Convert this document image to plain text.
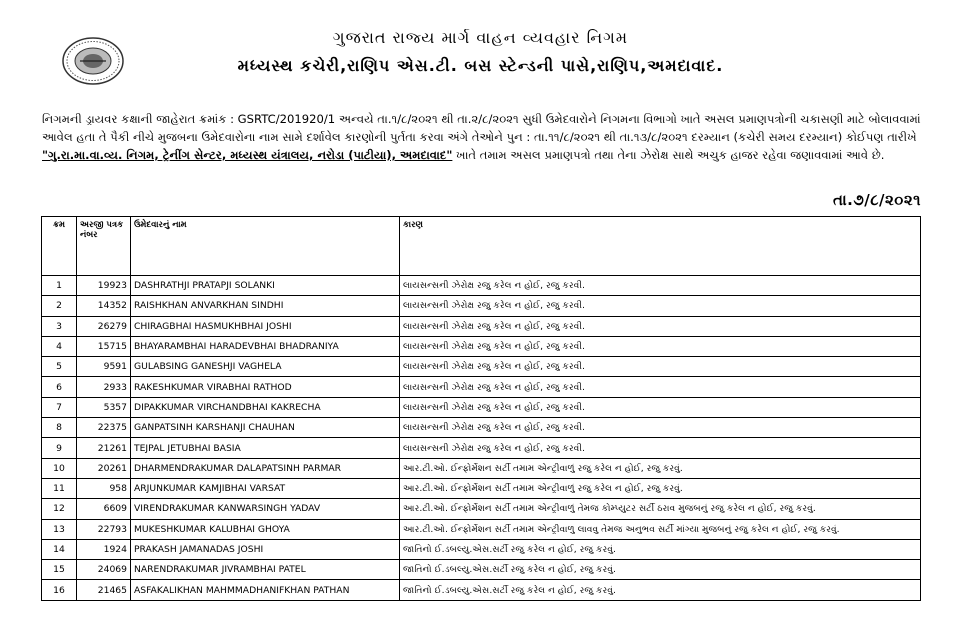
ગુજરાત રાજ્ય માર્ગ વાહન વ્યવહાર નિગમ
મધ્યસ્થ કચેરી,રાણિપ એસ.ટી. બસ સ્ટેન્ડની પાસે,રાણિપ,અમદાવાદ.
નિગમની ડ્રાયવર કક્ષાની જાહેરાત ક્રમાંક : GSRTC/201920/1 અન્વયે તા.૧/૮/૨૦૨૧ થી તા.૨/૮/૨૦૨૧ સુધી ઉમેદવારોને નિગમના વિભાગો ખાતે અસલ પ્રમાણપત્રોની ચકાસણી માટે બોલાવવામાં આવેલ હતા તે પૈકી નીચે મુજબના ઉમેદવારોના નામ સામે દર્શાવેલ કારણોની પુર્તતા કરવા અંગે તેઓને પુન : તા.૧૧/૮/૨૦૨૧ થી તા.૧૩/૮/૨૦૨૧ દરમ્યાન (કચેરી સમય દરમ્યાન) કોઈપણ તારીખે "ગુ.રા.મા.વા.વ્ય. નિગમ, ટ્રેનીંગ સેન્ટર, મધ્યસ્થ યંત્રાલય, નરોડા (પાટીયા), અમદાવાદ" ખાતે તમામ અસલ પ્રમાણપત્રો તથા તેના ઝેરોક્ષ સાથે અચુક હાજર રહેવા જણાવવામાં આવે છે.
તા.૭/૮/૨૦૨૧
ક્રમ	અરજી પત્રક નંબર	ઉમેદવારનું નામ	કારણ
1	19923	DASHRATHJI PRATAPJI SOLANKI	લાયસન્સની ઝેરોક્ષ રજુ કરેલ ન હોઈ, રજુ કરવી.
2	14352	RAISHKHAN ANVARKHAN SINDHI	લાયસન્સની ઝેરોક્ષ રજુ કરેલ ન હોઈ, રજુ કરવી.
3	26279	CHIRAGBHAI HASMUKHBHAI JOSHI	લાયસન્સની ઝેરોક્ષ રજુ કરેલ ન હોઈ, રજુ કરવી.
4	15715	BHAYARAMBHAI HARADEVBHAI BHADRANIYA	લાયસન્સની ઝેરોક્ષ રજુ કરેલ ન હોઈ, રજુ કરવી.
5	9591	GULABSING GANESHJI VAGHELA	લાયસન્સની ઝેરોક્ષ રજુ કરેલ ન હોઈ, રજુ કરવી.
6	2933	RAKESHKUMAR VIRABHAI RATHOD	લાયસન્સની ઝેરોક્ષ રજુ કરેલ ન હોઈ, રજુ કરવી.
7	5357	DIPAKKUMAR VIRCHANDBHAI KAKRECHA	લાયસન્સની ઝેરોક્ષ રજુ કરેલ ન હોઈ, રજુ કરવી.
8	22375	GANPATSINH KARSHANJI CHAUHAN	લાયસન્સની ઝેરોક્ષ રજુ કરેલ ન હોઈ, રજુ કરવી.
9	21261	TEJPAL JETUBHAI BASIA	લાયસન્સની ઝેરોક્ષ રજુ કરેલ ન હોઈ, રજુ કરવી.
10	20261	DHARMENDRAKUMAR DALAPATSINH PARMAR	આર.ટી.ઓ. ઈન્ફોર્મેશન સર્ટી તમામ એન્ટ્રીવાળું રજુ કરેલ ન હોઈ, રજુ કરવું.
11	958	ARJUNKUMAR KAMJIBHAI VARSAT	આર.ટી.ઓ. ઈન્ફોર્મેશન સર્ટી તમામ એન્ટ્રીવાળું રજુ કરેલ ન હોઈ, રજુ કરવું.
12	6609	VIRENDRAKUMAR KANWARSINGH YADAV	આર.ટી.ઓ. ઈન્ફોર્મેશન સર્ટી તમામ એન્ટ્રીવાળું તેમજ કોમ્પ્યુટર સર્ટી ઠરાવ મુજબનું રજુ કરેલ ન હોઈ, રજુ કરવું.
13	22793	MUKESHKUMAR KALUBHAI GHOYA	આર.ટી.ઓ. ઈન્ફોર્મેશન સર્ટી તમામ એન્ટ્રીવાળુ લાવવુ તેમજ અનુભવ સર્ટી માંગ્યા મુજબનું રજુ કરેલ ન હોઈ, રજુ કરવું.
14	1924	PRAKASH JAMANADAS JOSHI	જાતિનો ઈ.ડબલ્યુ.એસ.સર્ટી રજુ કરેલ ન હોઈ, રજુ કરવું.
15	24069	NARENDRAKUMAR JIVRAMBHAI PATEL	જાતિનો ઈ.ડબલ્યુ.એસ.સર્ટી રજુ કરેલ ન હોઈ, રજુ કરવું.
16	21465	ASFAKALIKHAN MAHMMADHANIFKHAN PATHAN	જાતિનો ઈ.ડબલ્યુ.એસ.સર્ટી રજુ કરેલ ન હોઈ, રજુ કરવું.
